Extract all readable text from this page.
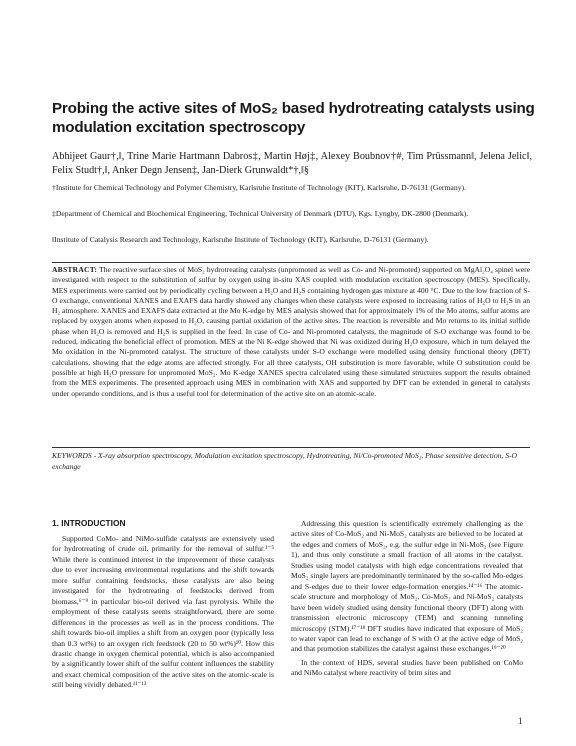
Probing the active sites of MoS₂ based hydrotreating catalysts using
modulation excitation spectroscopy
Abhijeet Gaur†,‖, Trine Marie Hartmann Dabros‡, Martin Høj‡, Alexey Boubnov†#, Tim Prüssmann‖, Jelena Jelic‖, Felix Studt†,‖, Anker Degn Jensen‡, Jan-Dierk Grunwaldt*†,‖§
†Institute for Chemical Technology and Polymer Chemistry, Karlsruhe Institute of Technology (KIT), Karlsruhe, D-76131 (Germany).
‡Department of Chemical and Biochemical Engineering, Technical University of Denmark (DTU), Kgs. Lyngby, DK-2800 (Denmark).
‖Institute of Catalysis Research and Technology, Karlsruhe Institute of Technology (KIT), Karlsruhe, D-76131 (Germany).
ABSTRACT: The reactive surface sites of MoS₂ hydrotreating catalysts (unpromoted as well as Co- and Ni-promoted) supported on MgAl₂O₄ spinel were investigated with respect to the substitution of sulfur by oxygen using in-situ XAS coupled with modulation excitation spectroscopy (MES). Specifically, MES experiments were carried out by periodically cycling between a H₂O and H₂S containing hydrogen gas mixture at 400 °C. Due to the low fraction of S-O exchange, conventional XANES and EXAFS data hardly showed any changes when these catalysts were exposed to increasing ratios of H₂O to H₂S in an H₂ atmosphere. XANES and EXAFS data extracted at the Mo K-edge by MES analysis showed that for approximately 1% of the Mo atoms, sulfur atoms are replaced by oxygen atoms when exposed to H₂O, causing partial oxidation of the active sites. The reaction is reversible and Mo returns to its initial sulfide phase when H₂O is removed and H₂S is supplied in the feed. In case of Co- and Ni-promoted catalysts, the magnitude of S-O exchange was found to be reduced, indicating the beneficial effect of promotion. MES at the Ni K-edge showed that Ni was oxidized during H₂O exposure, which in turn delayed the Mo oxidation in the Ni-promoted catalyst. The structure of these catalysts under S-O exchange were modelled using density functional theory (DFT) calculations, showing that the edge atoms are affected strongly. For all three catalysts, OH substitution is more favorable, while O substitution could be possible at high H₂O pressure for unpromoted MoS₂. Mo K-edge XANES spectra calculated using these simulated structures support the results obtained from the MES experiments. The presented approach using MES in combination with XAS and supported by DFT can be extended in general to catalysts under operando conditions, and is thus a useful tool for determination of the active site on an atomic-scale.
KEYWORDS - X-ray absorption spectroscopy, Modulation excitation spectroscopy, Hydrotreating, Ni/Co-promoted MoS₂, Phase sensitive detection, S-O exchange
1. INTRODUCTION

Supported CoMo- and NiMo-sulfide catalysts are extensively used for hydrotreating of crude oil, primarily for the removal of sulfur.¹⁻⁵ While there is continued interest in the improvement of these catalysts due to ever increasing environmental regulations and the shift towards more sulfur containing feedstocks, these catalysts are also being investigated for the hydrotreating of feedstocks derived from biomass,⁶⁻⁹ in particular bio-oil derived via fast pyrolysis. While the employment of these catalysts seems straightforward, there are some differences in the processes as well as in the process conditions. The shift towards bio-oil implies a shift from an oxygen poor (typically less than 0.3 wt%) to an oxygen rich feedstock (20 to 50 wt%)¹⁰. How this drastic change in oxygen chemical potential, which is also accompanied by a significantly lower shift of the sulfur content influences the stability and exact chemical composition of the active sites on the atomic-scale is still being vividly debated.¹¹⁻¹³

Addressing this question is scientifically extremely challenging as the active sites of Co-MoS₂ and Ni-MoS₂ catalysts are believed to be located at the edges and corners of MoS₂, e.g. the sulfur edge in Ni-MoS₂ (see Figure 1), and thus only constitute a small fraction of all atoms in the catalyst. Studies using model catalysts with high edge concentrations revealed that MoS₂ single layers are predominantly terminated by the so-called Mo-edges and S-edges due to their lower edge-formation energies.¹⁴⁻¹⁶ The atomic-scale structure and morphology of MoS₂, Co-MoS₂ and Ni-MoS₂ catalysts have been widely studied using density functional theory (DFT) along with transmission electronic microscopy (TEM) and scanning tunneling microscopy (STM).¹⁷⁻¹⁸ DFT studies have indicated that exposure of MoS₂ to water vapor can lead to exchange of S with O at the active edge of MoS₂ and that promotion stabilizes the catalyst against these exchanges.¹⁹⁻²⁰

In the context of HDS, several studies have been published on CoMo and NiMo catalyst where reactivity of brim sites and

1
